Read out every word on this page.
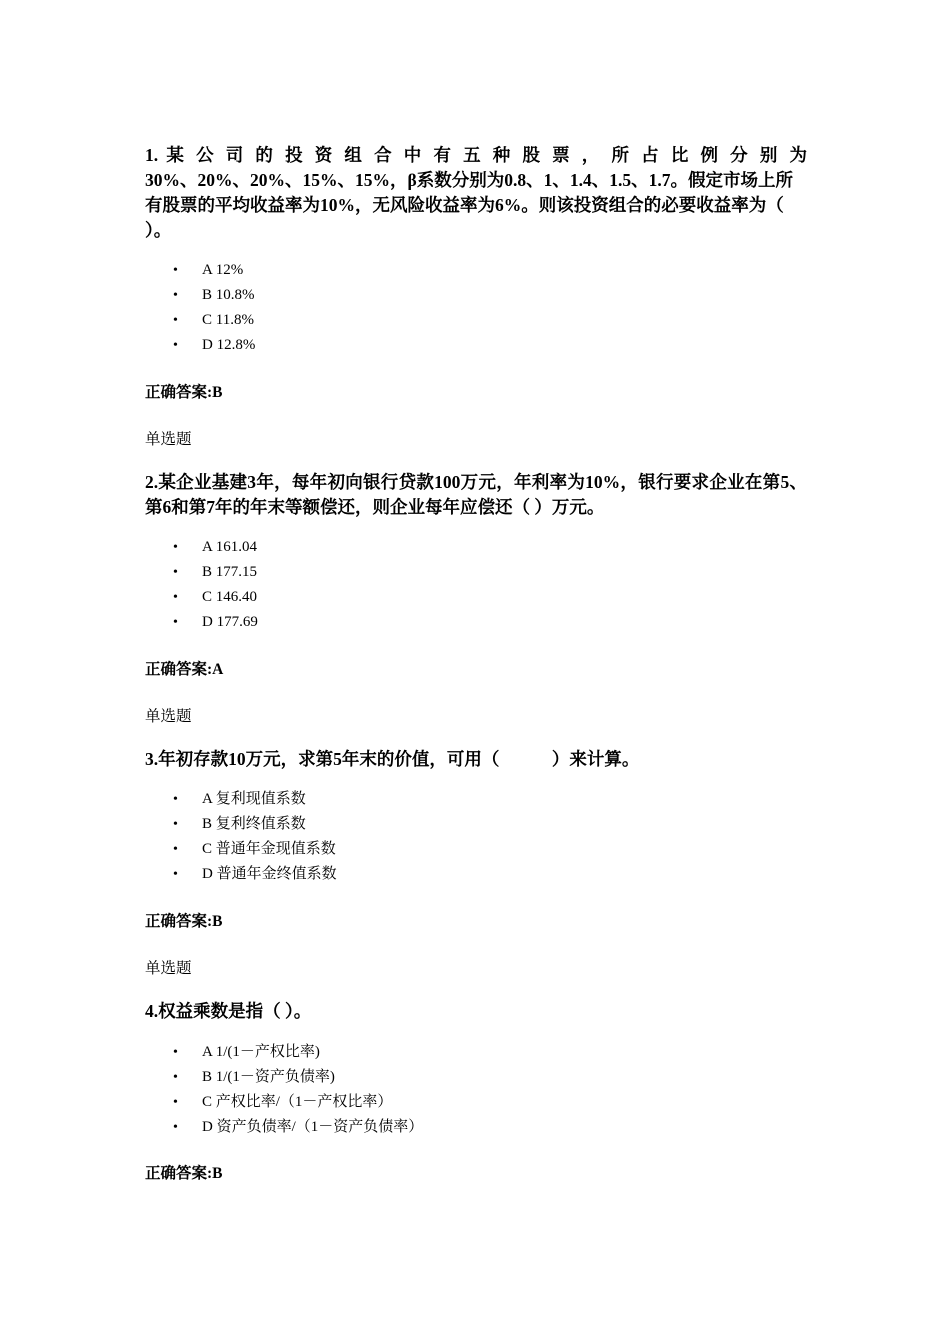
1. 某 公 司 的 投 资 组 合 中 有 五 种 股 票 ， 所 占 比 例 分 别 为
30%、20%、20%、15%、15%，β系数分别为0.8、1、1.4、1.5、1.7。假定市场上所有股票的平均收益率为10%，无风险收益率为6%。则该投资组合的必要收益率为（ ）。

• A 12%
• B 10.8%
• C 11.8%
• D 12.8%
正确答案:B
单选题

2.某企业基建3年，每年初向银行贷款100万元，年利率为10%，银行要求企业在第5、第6和第7年的年末等额偿还，则企业每年应偿还（ ）万元。

• A 161.04
• B 177.15
• C 146.40
• D 177.69
正确答案:A
单选题

3.年初存款10万元，求第5年末的价值，可用（　　　）来计算。

• A 复利现值系数
• B 复利终值系数
• C 普通年金现值系数
• D 普通年金终值系数
正确答案:B
单选题

4.权益乘数是指（ ）。

• A 1/(1－产权比率)
• B 1/(1－资产负债率)
• C 产权比率/（1－产权比率）
• D 资产负债率/（1－资产负债率）
正确答案:B
